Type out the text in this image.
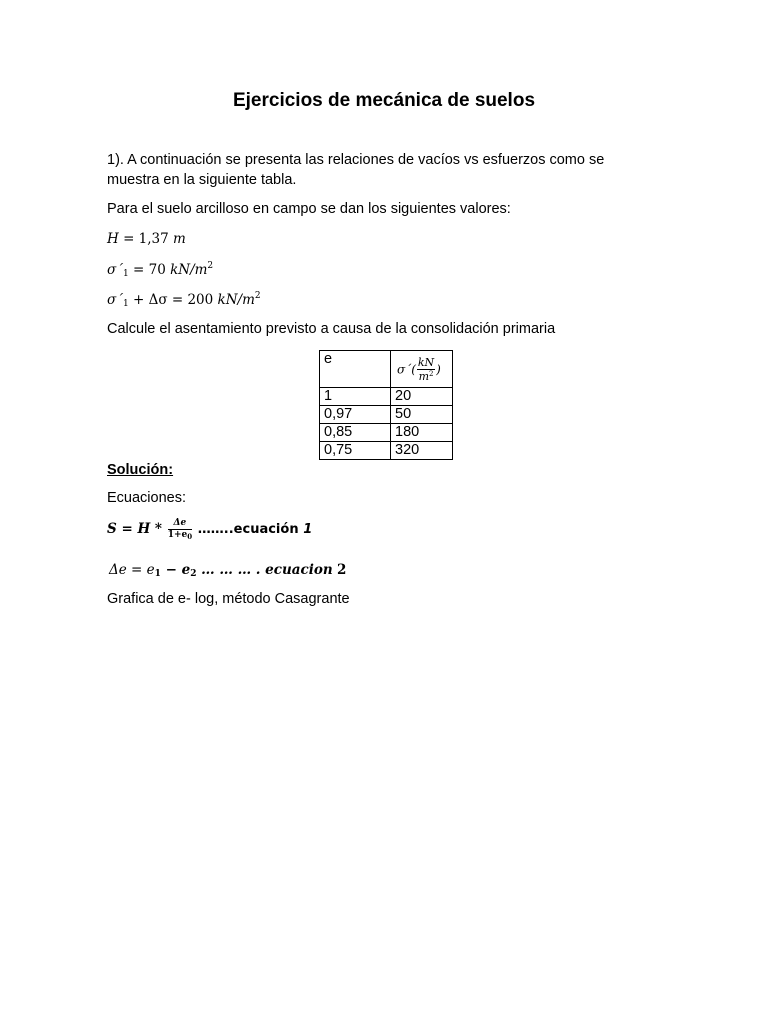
Ejercicios de mecánica de suelos
1). A continuación se presenta las relaciones de vacíos vs esfuerzos como se
muestra en la siguiente tabla.
Para el suelo arcilloso en campo se dan los siguientes valores:
H = 1,37 m
$\sigma´_1 = 70$ $kN/m^2$
$\sigma´_1 + \Delta\sigma = 200$ $kN/m^2$
Calcule el asentamiento previsto a causa de la consolidación primaria
e	σ´( $\frac{kN}{m^2}$ )
1	20
0,97	50
0,85	180
0,75	320
Solución:
Ecuaciones:
$S = H * \frac{\Delta e}{1+e_0}$ ……..ecuación 1
$\Delta e = e_1 - e_2$ … … … . ecuacion 2
Grafica de e- log, método Casagrante
